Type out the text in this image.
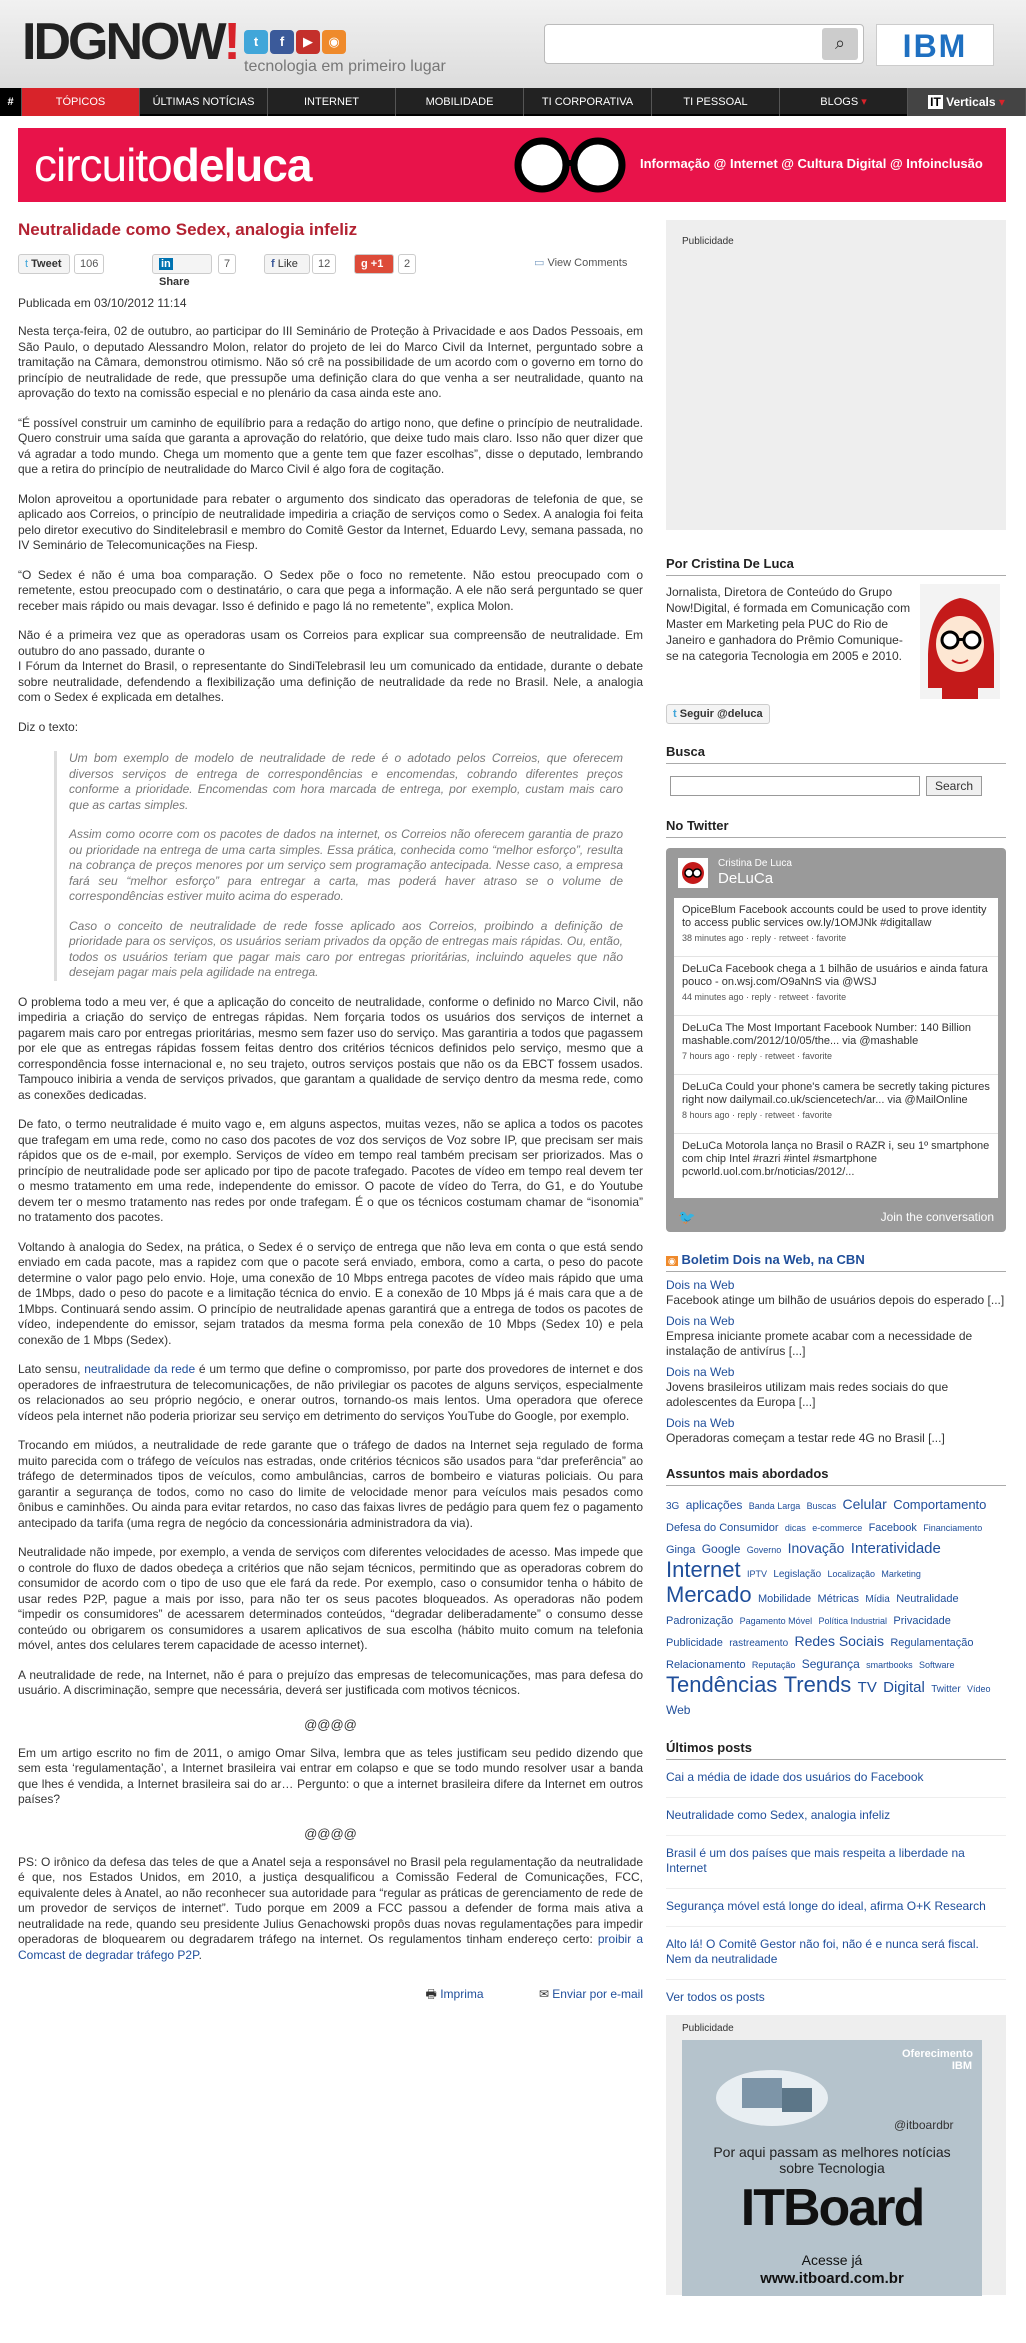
IDGNOW! tecnologia em primeiro lugar
t	f	▶	◉	⌕	IBM
#	TÓPICOS	ÚLTIMAS NOTÍCIAS	INTERNET	MOBILIDADE	TI CORPORATIVA	TI PESSOAL	BLOGS ▾	IT Verticals ▾
circuitodeluca	Informação @ Internet @ Cultura Digital @ Infoinclusão
Neutralidade como Sedex, analogia infeliz
t Tweet	106	in Share
7	f Like	12	g +1	2	▭ View Comments
Publicada em 03/10/2012 11:14

Nesta terça-feira, 02 de outubro, ao participar do III Seminário de Proteção à Privacidade e aos Dados Pessoais, em São Paulo, o deputado Alessandro Molon, relator do projeto de lei do Marco Civil da Internet, perguntado sobre a tramitação na Câmara, demonstrou otimismo. Não só crê na possibilidade de um acordo com o governo em torno do princípio de neutralidade de rede, que pressupõe uma definição clara do que venha a ser neutralidade, quanto na aprovação do texto na comissão especial e no plenário da casa ainda este ano.

“É possível construir um caminho de equilíbrio para a redação do artigo nono, que define o princípio de neutralidade. Quero construir uma saída que garanta a aprovação do relatório, que deixe tudo mais claro. Isso não quer dizer que vá agradar a todo mundo. Chega um momento que a gente tem que fazer escolhas”, disse o deputado, lembrando que a retira do princípio de neutralidade do Marco Civil é algo fora de cogitação.

Molon aproveitou a oportunidade para rebater o argumento dos sindicato das operadoras de telefonia de que, se aplicado aos Correios, o princípio de neutralidade impediria a criação de serviços como o Sedex. A analogia foi feita pelo diretor executivo do Sinditelebrasil e membro do Comitê Gestor da Internet, Eduardo Levy, semana passada, no IV Seminário de Telecomunicações na Fiesp.

“O Sedex é não é uma boa comparação. O Sedex põe o foco no remetente. Não estou preocupado com o remetente, estou preocupado com o destinatário, o cara que pega a informação. A ele não será perguntado se quer receber mais rápido ou mais devagar. Isso é definido e pago lá no remetente”, explica Molon.

Não é a primeira vez que as operadoras usam os Correios para explicar sua compreensão de neutralidade. Em outubro do ano passado, durante o
I Fórum da Internet do Brasil, o representante do SindiTelebrasil leu um comunicado da entidade, durante o debate sobre neutralidade, defendendo a flexibilização uma definição de neutralidade da rede no Brasil. Nele, a analogia com o Sedex é explicada em detalhes.

Diz o texto:

Um bom exemplo de modelo de neutralidade de rede é o adotado pelos Correios, que oferecem diversos serviços de entrega de correspondências e encomendas, cobrando diferentes preços conforme a prioridade. Encomendas com hora marcada de entrega, por exemplo, custam mais caro que as cartas simples.

Assim como ocorre com os pacotes de dados na internet, os Correios não oferecem garantia de prazo ou prioridade na entrega de uma carta simples. Essa prática, conhecida como “melhor esforço”, resulta na cobrança de preços menores por um serviço sem programação antecipada. Nesse caso, a empresa fará seu “melhor esforço” para entregar a carta, mas poderá haver atraso se o volume de correspondências estiver muito acima do esperado.

Caso o conceito de neutralidade de rede fosse aplicado aos Correios, proibindo a definição de prioridade para os serviços, os usuários seriam privados da opção de entregas mais rápidas. Ou, então, todos os usuários teriam que pagar mais caro por entregas prioritárias, incluindo aqueles que não desejam pagar mais pela agilidade na entrega.

O problema todo a meu ver, é que a aplicação do conceito de neutralidade, conforme o definido no Marco Civil, não impediria a criação do serviço de entregas rápidas. Nem forçaria todos os usuários dos serviços de internet a pagarem mais caro por entregas prioritárias, mesmo sem fazer uso do serviço. Mas garantiria a todos que pagassem por ele que as entregas rápidas fossem feitas dentro dos critérios técnicos definidos pelo serviço, mesmo que a correspondência fosse internacional e, no seu trajeto, outros serviços postais que não os da EBCT fossem usados. Tampouco inibiria a venda de serviços privados, que garantam a qualidade de serviço dentro da mesma rede, como as conexões dedicadas.

De fato, o termo neutralidade é muito vago e, em alguns aspectos, muitas vezes, não se aplica a todos os pacotes que trafegam em uma rede, como no caso dos pacotes de voz dos serviços de Voz sobre IP, que precisam ser mais rápidos que os de e-mail, por exemplo. Serviços de vídeo em tempo real também precisam ser priorizados. Mas o princípio de neutralidade pode ser aplicado por tipo de pacote trafegado. Pacotes de vídeo em tempo real devem ter o mesmo tratamento em uma rede, independente do emissor. O pacote de vídeo do Terra, do G1, e do Youtube devem ter o mesmo tratamento nas redes por onde trafegam. É o que os técnicos costumam chamar de “isonomia” no tratamento dos pacotes.

Voltando à analogia do Sedex, na prática, o Sedex é o serviço de entrega que não leva em conta o que está sendo enviado em cada pacote, mas a rapidez com que o pacote será enviado, embora, como a carta, o peso do pacote determine o valor pago pelo envio. Hoje, uma conexão de 10 Mbps entrega pacotes de vídeo mais rápido que uma de 1Mbps, dado o peso do pacote e a limitação técnica do envio. E a conexão de 10 Mbps já é mais cara que a de 1Mbps. Continuará sendo assim. O princípio de neutralidade apenas garantirá que a entrega de todos os pacotes de vídeo, independente do emissor, sejam tratados da mesma forma pela conexão de 10 Mbps (Sedex 10) e pela conexão de 1 Mbps (Sedex).

Lato sensu, neutralidade da rede é um termo que define o compromisso, por parte dos provedores de internet e dos operadores de infraestrutura de telecomunicações, de não privilegiar os pacotes de alguns serviços, especialmente os relacionados ao seu próprio negócio, e onerar outros, tornando-os mais lentos. Uma operadora que oferece vídeos pela internet não poderia priorizar seu serviço em detrimento do serviços YouTube do Google, por exemplo.

Trocando em miúdos, a neutralidade de rede garante que o tráfego de dados na Internet seja regulado de forma muito parecida com o tráfego de veículos nas estradas, onde critérios técnicos são usados para “dar preferência” ao tráfego de determinados tipos de veículos, como ambulâncias, carros de bombeiro e viaturas policiais. Ou para garantir a segurança de todos, como no caso do limite de velocidade menor para veículos mais pesados como ônibus e caminhões. Ou ainda para evitar retardos, no caso das faixas livres de pedágio para quem fez o pagamento antecipado da tarifa (uma regra de negócio da concessionária administradora da via).

Neutralidade não impede, por exemplo, a venda de serviços com diferentes velocidades de acesso. Mas impede que o controle do fluxo de dados obedeça a critérios que não sejam técnicos, permitindo que as operadoras cobrem do consumidor de acordo com o tipo de uso que ele fará da rede. Por exemplo, caso o consumidor tenha o hábito de usar redes P2P, pague a mais por isso, para não ter os seus pacotes bloqueados. As operadoras não podem “impedir os consumidores” de acessarem determinados conteúdos, “degradar deliberadamente” o consumo desse conteúdo ou obrigarem os consumidores a usarem aplicativos de sua escolha (hábito muito comum na telefonia móvel, antes dos celulares terem capacidade de acesso internet).

A neutralidade de rede, na Internet, não é para o prejuízo das empresas de telecomunicações, mas para defesa do usuário. A discriminação, sempre que necessária, deverá ser justificada com motivos técnicos.

@@@@

Em um artigo escrito no fim de 2011, o amigo Omar Silva, lembra que as teles justificam seu pedido dizendo que sem esta ‘regulamentação’, a Internet brasileira vai entrar em colapso e que se todo mundo resolver usar a banda que lhes é vendida, a Internet brasileira sai do ar… Pergunto: o que a internet brasileira difere da Internet em outros países?

@@@@

PS: O irônico da defesa das teles de que a Anatel seja a responsável no Brasil pela regulamentação da neutralidade é que, nos Estados Unidos, em 2010, a justiça desqualificou a Comissão Federal de Comunicações, FCC, equivalente deles à Anatel, ao não reconhecer sua autoridade para “regular as práticas de gerenciamento de rede de um provedor de serviços de internet”. Tudo porque em 2009 a FCC passou a defender de forma mais ativa a neutralidade na rede, quando seu presidente Julius Genachowski propôs duas novas regulamentações para impedir operadoras de bloquearem ou degradarem tráfego na internet. Os regulamentos tinham endereço certo: proibir a Comcast de degradar tráfego P2P.

🖶 Imprima	✉ Enviar por e-mail
Publicidade
Por Cristina De Luca
Jornalista, Diretora de Conteúdo do Grupo Now!Digital, é formada em Comunicação com Master em Marketing pela PUC do Rio de Janeiro e ganhadora do Prêmio Comunique-se na categoria Tecnologia em 2005 e 2010.
t Seguir @deluca
Busca
Search
No Twitter
Cristina De Luca
DeLuCa
OpiceBlum Facebook accounts could be used to prove identity to access public services ow.ly/1OMJNk #digitallaw
38 minutes ago · reply · retweet · favorite
DeLuCa Facebook chega a 1 bilhão de usuários e ainda fatura pouco - on.wsj.com/O9aNnS via @WSJ
44 minutes ago · reply · retweet · favorite
DeLuCa The Most Important Facebook Number: 140 Billion mashable.com/2012/10/05/the... via @mashable
7 hours ago · reply · retweet · favorite
DeLuCa Could your phone's camera be secretly taking pictures right now dailymail.co.uk/sciencetech/ar... via @MailOnline
8 hours ago · reply · retweet · favorite
DeLuCa Motorola lança no Brasil o RAZR i, seu 1º smartphone com chip Intel #razri #intel #smartphone pcworld.uol.com.br/noticias/2012/...
🐦	Join the conversation
◉ Boletim Dois na Web, na CBN
Dois na Web
Facebook atinge um bilhão de usuários depois do esperado [...]
Dois na Web
Empresa iniciante promete acabar com a necessidade de instalação de antivírus [...]
Dois na Web
Jovens brasileiros utilizam mais redes sociais do que adolescentes da Europa [...]
Dois na Web
Operadoras começam a testar rede 4G no Brasil [...]
Assuntos mais abordados
3G aplicações Banda Larga Buscas Celular Comportamento Defesa do Consumidor dicas e-commerce Facebook Financiamento Ginga Google Governo Inovação Interatividade Internet IPTV Legislação Localização Marketing Mercado Mobilidade Métricas Mídia Neutralidade Padronização Pagamento Móvel Política Industrial Privacidade Publicidade rastreamento Redes Sociais Regulamentação Relacionamento Reputação Segurança smartbooks Software Tendências Trends TV Digital Twitter Vídeo Web
Últimos posts
Cai a média de idade dos usuários do Facebook
Neutralidade como Sedex, analogia infeliz
Brasil é um dos países que mais respeita a liberdade na Internet
Segurança móvel está longe do ideal, afirma O+K Research
Alto lá! O Comitê Gestor não foi, não é e nunca será fiscal. Nem da neutralidade
Ver todos os posts
Publicidade
Oferecimento IBM
@itboardbr
Por aqui passam as melhores notícias sobre Tecnologia
ITBoard
Acesse já
www.itboard.com.br
